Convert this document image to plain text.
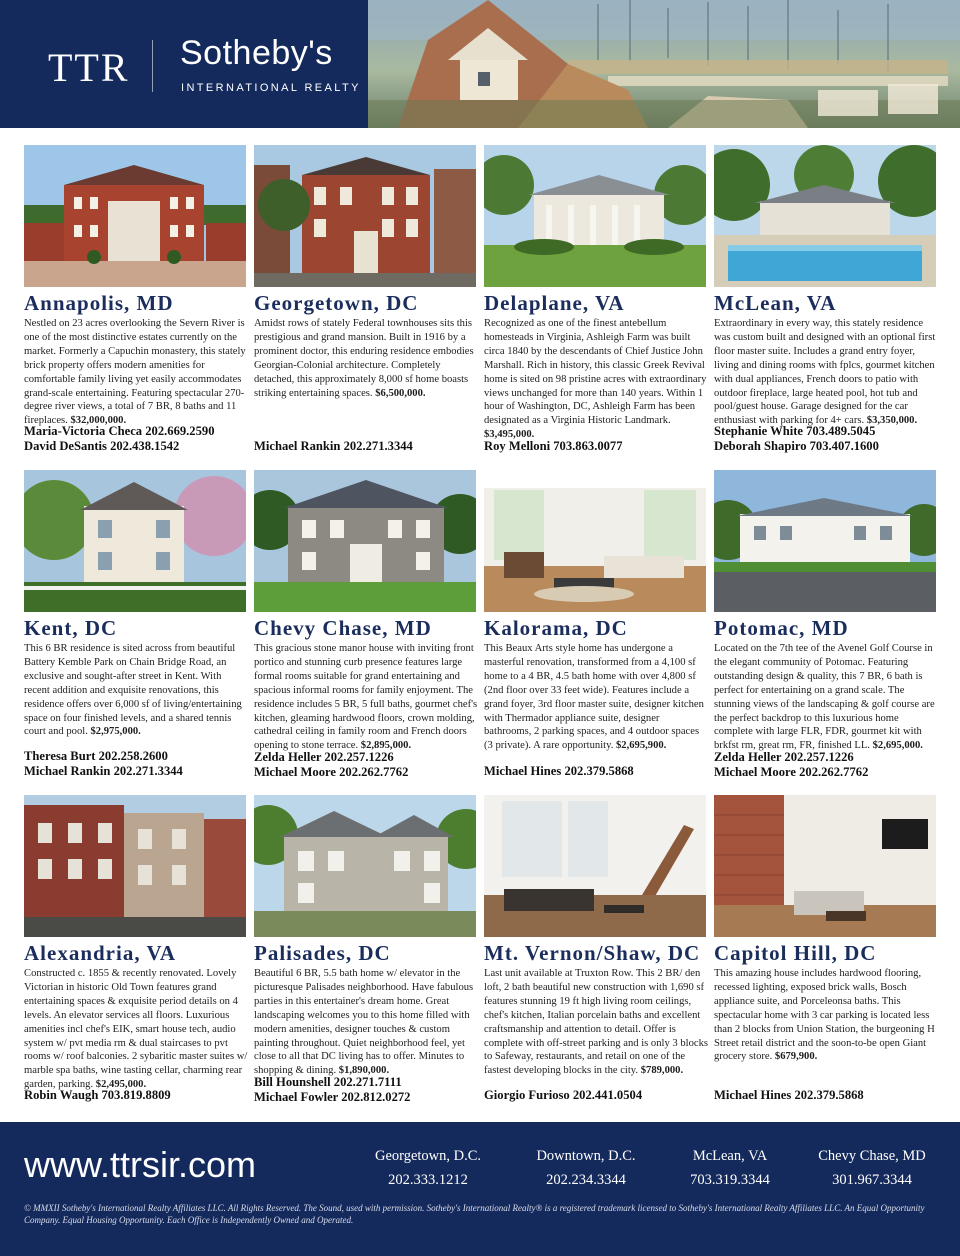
TTR Sotheby's
INTERNATIONAL REALTY
Annapolis, MD
Nestled on 23 acres overlooking the Severn River is one of the most distinctive estates currently on the market. Formerly a Capuchin monastery, this stately brick property offers modern amenities for comfortable family living yet easily accommodates grand-scale entertaining. Featuring spectacular 270-degree river views, a total of 7 BR, 8 baths and 11 fireplaces. $32,000,000.
Maria-Victoria Checa 202.669.2590
David DeSantis 202.438.1542
Georgetown, DC
Amidst rows of stately Federal townhouses sits this prestigious and grand mansion. Built in 1916 by a prominent doctor, this enduring residence embodies Georgian-Colonial architecture. Completely detached, this approximately 8,000 sf home boasts striking entertaining spaces. $6,500,000.
Michael Rankin 202.271.3344
Delaplane, VA
Recognized as one of the finest antebellum homesteads in Virginia, Ashleigh Farm was built circa 1840 by the descendants of Chief Justice John Marshall. Rich in history, this classic Greek Revival home is sited on 98 pristine acres with extraordinary views unchanged for more than 140 years. Within 1 hour of Washington, DC, Ashleigh Farm has been designated as a Virginia Historic Landmark. $3,495,000.
Roy Melloni 703.863.0077
McLean, VA
Extraordinary in every way, this stately residence was custom built and designed with an optional first floor master suite. Includes a grand entry foyer, living and dining rooms with fplcs, gourmet kitchen with dual appliances, French doors to patio with outdoor fireplace, large heated pool, hot tub and pool/guest house. Garage designed for the car enthusiast with parking for 4+ cars. $3,350,000.
Stephanie White 703.489.5045
Deborah Shapiro 703.407.1600
Kent, DC
This 6 BR residence is sited across from beautiful Battery Kemble Park on Chain Bridge Road, an exclusive and sought-after street in Kent. With recent addition and exquisite renovations, this residence offers over 6,000 sf of living/entertaining space on four finished levels, and a shared tennis court and pool. $2,975,000.
Theresa Burt 202.258.2600
Michael Rankin 202.271.3344
Chevy Chase, MD
This gracious stone manor house with inviting front portico and stunning curb presence features large formal rooms suitable for grand entertaining and spacious informal rooms for family enjoyment. The residence includes 5 BR, 5 full baths, gourmet chef's kitchen, gleaming hardwood floors, crown molding, cathedral ceiling in family room and French doors opening to stone terrace. $2,895,000.
Zelda Heller 202.257.1226
Michael Moore 202.262.7762
Kalorama, DC
This Beaux Arts style home has undergone a masterful renovation, transformed from a 4,100 sf home to a 4 BR, 4.5 bath home with over 4,800 sf (2nd floor over 33 feet wide). Features include a grand foyer, 3rd floor master suite, designer kitchen with Thermador appliance suite, designer bathrooms, 2 parking spaces, and 4 outdoor spaces (3 private). A rare opportunity. $2,695,900.
Michael Hines 202.379.5868
Potomac, MD
Located on the 7th tee of the Avenel Golf Course in the elegant community of Potomac. Featuring outstanding design & quality, this 7 BR, 6 bath is perfect for entertaining on a grand scale. The stunning views of the landscaping & golf course are the perfect backdrop to this luxurious home complete with large FLR, FDR, gourmet kit with brkfst rm, great rm, FR, finished LL. $2,695,000.
Zelda Heller 202.257.1226
Michael Moore 202.262.7762
Alexandria, VA
Constructed c. 1855 & recently renovated. Lovely Victorian in historic Old Town features grand entertaining spaces & exquisite period details on 4 levels. An elevator services all floors. Luxurious amenities incl chef's EIK, smart house tech, audio system w/ pvt media rm & dual staircases to pvt rooms w/ roof balconies. 2 sybaritic master suites w/ marble spa baths, wine tasting cellar, charming rear garden, parking. $2,495,000.
Robin Waugh 703.819.8809
Palisades, DC
Beautiful 6 BR, 5.5 bath home w/ elevator in the picturesque Palisades neighborhood. Have fabulous parties in this entertainer's dream home. Great landscaping welcomes you to this home filled with modern amenities, designer touches & custom painting throughout. Quiet neighborhood feel, yet close to all that DC living has to offer. Minutes to shopping & dining. $1,890,000.
Bill Hounshell 202.271.7111
Michael Fowler 202.812.0272
Mt. Vernon/Shaw, DC
Last unit available at Truxton Row. This 2 BR/ den loft, 2 bath beautiful new construction with 1,690 sf features stunning 19 ft high living room ceilings, chef's kitchen, Italian porcelain baths and excellent craftsmanship and attention to detail. Offer is complete with off-street parking and is only 3 blocks to Safeway, restaurants, and retail on one of the fastest developing blocks in the city. $789,000.
Giorgio Furioso 202.441.0504
Capitol Hill, DC
This amazing house includes hardwood flooring, recessed lighting, exposed brick walls, Bosch appliance suite, and Porceleonsa baths. This spectacular home with 3 car parking is located less than 2 blocks from Union Station, the burgeoning H Street retail district and the soon-to-be open Giant grocery store. $679,900.
Michael Hines 202.379.5868
www.ttrsir.com	Georgetown, D.C.
202.333.1212
Downtown, D.C.
202.234.3344
McLean, VA
703.319.3344
Chevy Chase, MD
301.967.3344
© MMXII Sotheby's International Realty Affiliates LLC. All Rights Reserved. The Sound, used with permission. Sotheby's International Realty® is a registered trademark licensed to Sotheby's International Realty Affiliates LLC. An Equal Opportunity Company. Equal Housing Opportunity. Each Office is Independently Owned and Operated.
